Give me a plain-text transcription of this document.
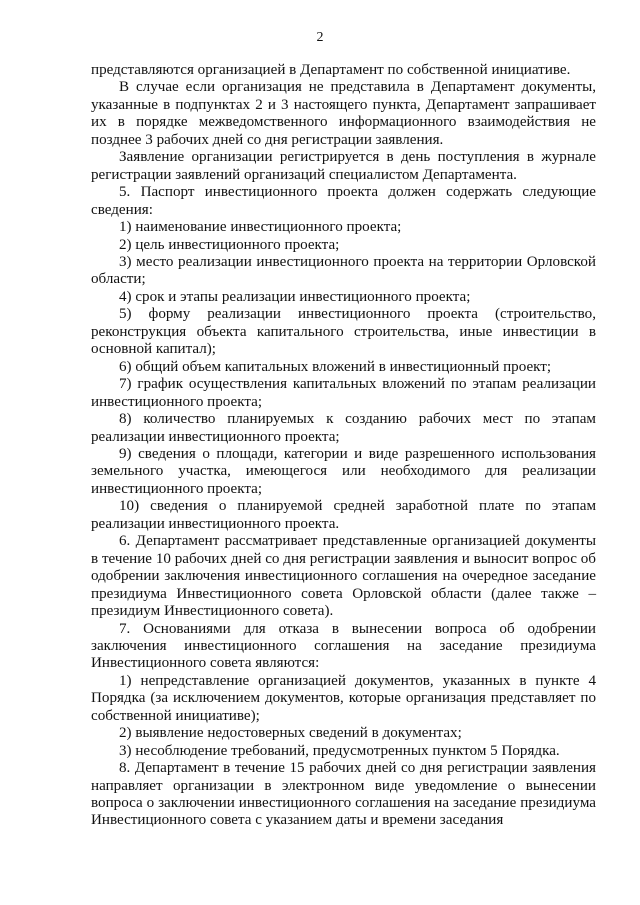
2

представляются организацией в Департамент по собственной инициативе.

В случае если организация не представила в Департамент документы, указанные в подпунктах 2 и 3 настоящего пункта, Департамент запрашивает их в порядке межведомственного информационного взаимодействия не позднее 3 рабочих дней со дня регистрации заявления.

Заявление организации регистрируется в день поступления в журнале регистрации заявлений организаций специалистом Департамента.

5. Паспорт инвестиционного проекта должен содержать следующие сведения:

1) наименование инвестиционного проекта;

2) цель инвестиционного проекта;

3) место реализации инвестиционного проекта на территории Орловской области;

4) срок и этапы реализации инвестиционного проекта;

5) форму реализации инвестиционного проекта (строительство, реконструкция объекта капитального строительства, иные инвестиции в основной капитал);

6) общий объем капитальных вложений в инвестиционный проект;

7) график осуществления капитальных вложений по этапам реализации инвестиционного проекта;

8) количество планируемых к созданию рабочих мест по этапам реализации инвестиционного проекта;

9) сведения о площади, категории и виде разрешенного использования земельного участка, имеющегося или необходимого для реализации инвестиционного проекта;

10) сведения о планируемой средней заработной плате по этапам реализации инвестиционного проекта.

6. Департамент рассматривает представленные организацией документы в течение 10 рабочих дней со дня регистрации заявления и выносит вопрос об одобрении заключения инвестиционного соглашения на очередное заседание президиума Инвестиционного совета Орловской области (далее также – президиум Инвестиционного совета).

7. Основаниями для отказа в вынесении вопроса об одобрении заключения инвестиционного соглашения на заседание президиума Инвестиционного совета являются:

1) непредставление организацией документов, указанных в пункте 4 Порядка (за исключением документов, которые организация представляет по собственной инициативе);

2) выявление недостоверных сведений в документах;

3) несоблюдение требований, предусмотренных пунктом 5 Порядка.

8. Департамент в течение 15 рабочих дней со дня регистрации заявления направляет организации в электронном виде уведомление о вынесении вопроса о заключении инвестиционного соглашения на заседание президиума Инвестиционного совета с указанием даты и времени заседания
